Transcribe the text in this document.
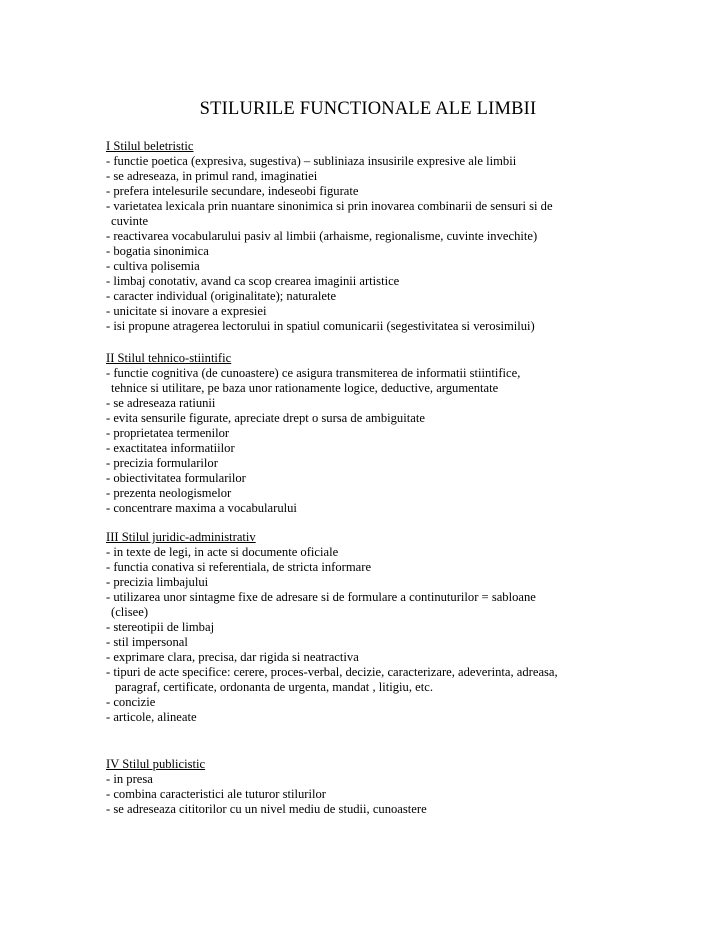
STILURILE FUNCTIONALE ALE LIMBII

I Stilul beletristic

- functie poetica (expresiva, sugestiva) – subliniaza insusirile expresive ale limbii

- se adreseaza, in primul rand, imaginatiei

- prefera intelesurile secundare, indeseobi figurate

- varietatea lexicala prin nuantare sinonimica si prin inovarea combinarii de sensuri si de

cuvinte

- reactivarea vocabularului pasiv al limbii (arhaisme, regionalisme, cuvinte invechite)

- bogatia sinonimica

- cultiva polisemia

- limbaj conotativ, avand ca scop crearea imaginii artistice

- caracter individual (originalitate); naturalete

- unicitate si inovare a expresiei

- isi propune atragerea lectorului in spatiul comunicarii (segestivitatea si verosimilui)

II Stilul tehnico-stiintific

- functie cognitiva (de cunoastere) ce asigura transmiterea de informatii stiintifice,

tehnice si utilitare, pe baza unor rationamente logice, deductive, argumentate

- se adreseaza ratiunii

- evita sensurile figurate, apreciate drept o sursa de ambiguitate

- proprietatea termenilor

- exactitatea informatiilor

- precizia formularilor

- obiectivitatea formularilor

- prezenta neologismelor

- concentrare maxima a vocabularului

III Stilul juridic-administrativ

- in texte de legi, in acte si documente oficiale

- functia conativa si referentiala, de stricta informare

- precizia limbajului

- utilizarea unor sintagme fixe de adresare si de formulare a continuturilor = sabloane

(clisee)

- stereotipii de limbaj

- stil impersonal

- exprimare clara, precisa, dar rigida si neatractiva

- tipuri de acte specifice: cerere, proces-verbal, decizie, caracterizare, adeverinta, adreasa,

paragraf, certificate, ordonanta de urgenta, mandat , litigiu, etc.

- concizie

- articole, alineate

IV Stilul publicistic

- in presa

- combina caracteristici ale tuturor stilurilor

- se adreseaza cititorilor cu un nivel mediu de studii, cunoastere
